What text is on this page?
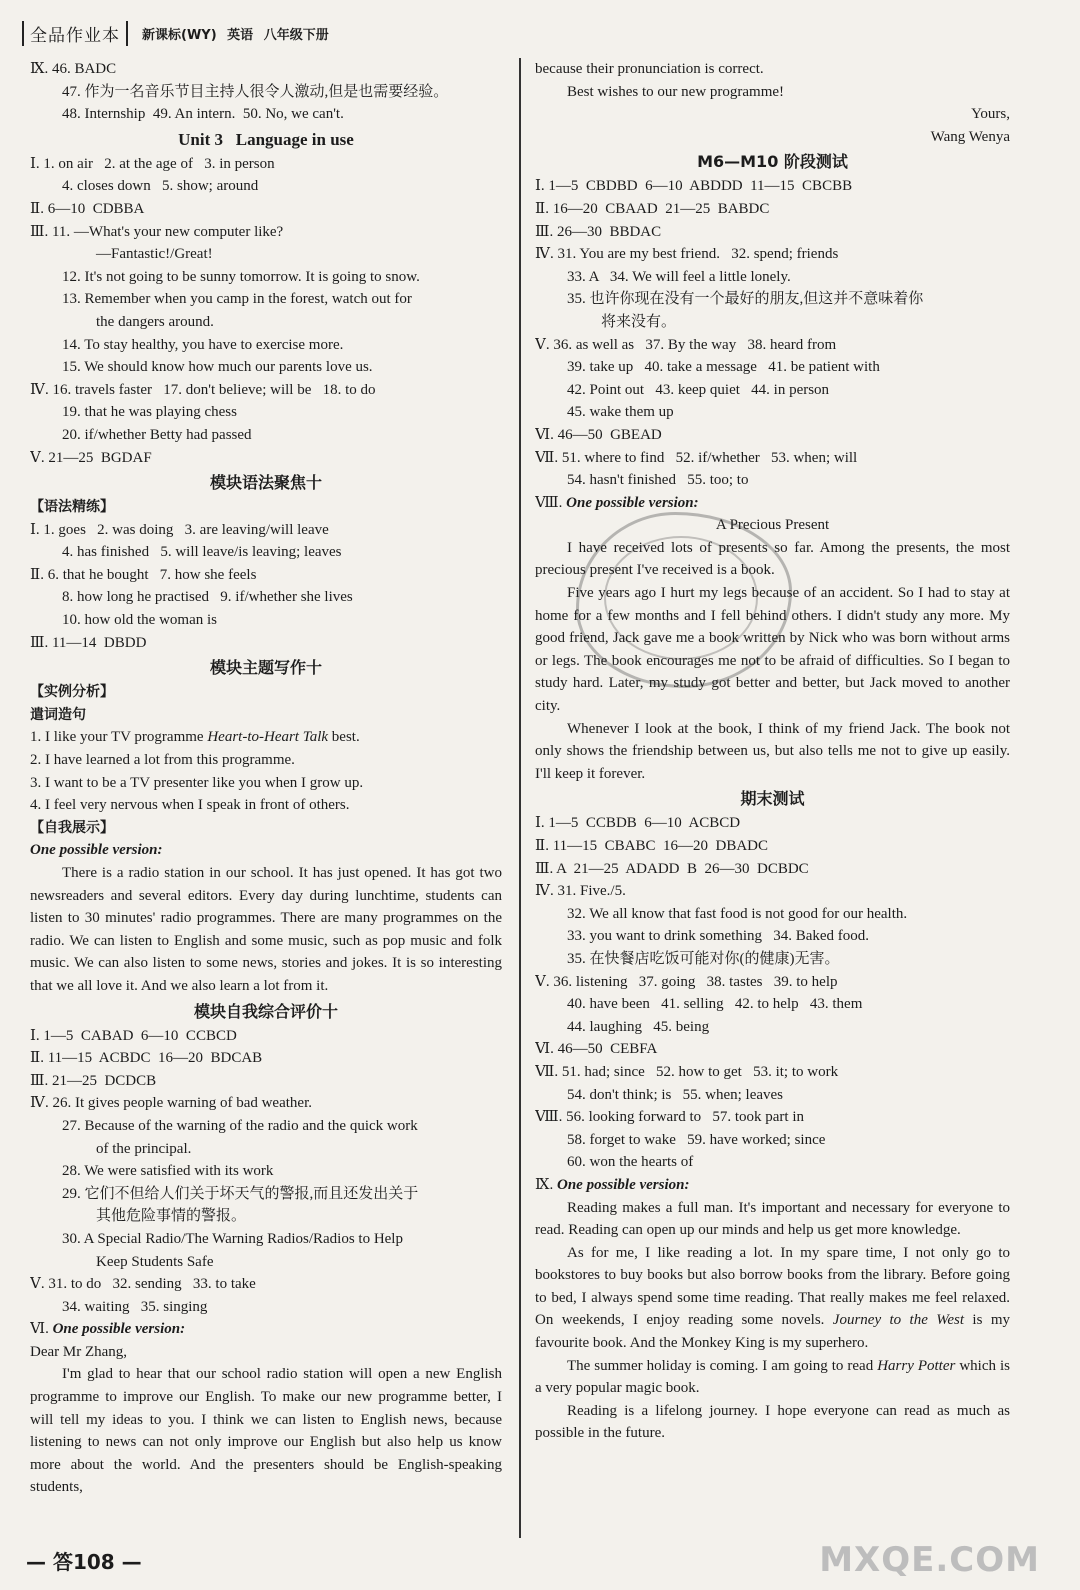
全品作业本	新课标(WY) 英语 八年级下册
Ⅸ. 46. BADC
47. 作为一名音乐节目主持人很令人激动,但是也需要经验。
48. Internship  49. An intern.  50. No, we can't.
Unit 3   Language in use
Ⅰ. 1. on air   2. at the age of   3. in person
4. closes down   5. show; around
Ⅱ. 6—10  CDBBA
Ⅲ. 11. —What's your new computer like?
—Fantastic!/Great!
12. It's not going to be sunny tomorrow. It is going to snow.
13. Remember when you camp in the forest, watch out for
the dangers around.
14. To stay healthy, you have to exercise more.
15. We should know how much our parents love us.
Ⅳ. 16. travels faster   17. don't believe; will be   18. to do
19. that he was playing chess
20. if/whether Betty had passed
Ⅴ. 21—25  BGDAF
模块语法聚焦十
【语法精练】
Ⅰ. 1. goes   2. was doing   3. are leaving/will leave
4. has finished   5. will leave/is leaving; leaves
Ⅱ. 6. that he bought   7. how she feels
8. how long he practised   9. if/whether she lives
10. how old the woman is
Ⅲ. 11—14  DBDD
模块主题写作十
【实例分析】
遣词造句
1. I like your TV programme Heart-to-Heart Talk best.
2. I have learned a lot from this programme.
3. I want to be a TV presenter like you when I grow up.
4. I feel very nervous when I speak in front of others.
【自我展示】
One possible version:

There is a radio station in our school. It has just opened. It has got two newsreaders and several editors. Every day during lunchtime, students can listen to 30 minutes' radio programmes. There are many programmes on the radio. We can listen to English and some music, such as pop music and folk music. We can also listen to some news, stories and jokes. It is so interesting that we all love it. And we also learn a lot from it.

模块自我综合评价十
Ⅰ. 1—5  CABAD  6—10  CCBCD
Ⅱ. 11—15  ACBDC  16—20  BDCAB
Ⅲ. 21—25  DCDCB
Ⅳ. 26. It gives people warning of bad weather.
27. Because of the warning of the radio and the quick work
of the principal.
28. We were satisfied with its work
29. 它们不但给人们关于坏天气的警报,而且还发出关于
其他危险事情的警报。
30. A Special Radio/The Warning Radios/Radios to Help
Keep Students Safe
Ⅴ. 31. to do   32. sending   33. to take
34. waiting   35. singing
Ⅵ. One possible version:
Dear Mr Zhang,

I'm glad to hear that our school radio station will open a new English programme to improve our English. To make our new programme better, I will tell my ideas to you. I think we can listen to English news, because listening to news can not only improve our English but also help us know more about the world. And the presenters should be English-speaking students,

because their pronunciation is correct.
Best wishes to our new programme!
Yours,
Wang Wenya
M6—M10 阶段测试
Ⅰ. 1—5  CBDBD  6—10  ABDDD  11—15  CBCBB
Ⅱ. 16—20  CBAAD  21—25  BABDC
Ⅲ. 26—30  BBDAC
Ⅳ. 31. You are my best friend.   32. spend; friends
33. A   34. We will feel a little lonely.
35. 也许你现在没有一个最好的朋友,但这并不意味着你
将来没有。
Ⅴ. 36. as well as   37. By the way   38. heard from
39. take up   40. take a message   41. be patient with
42. Point out   43. keep quiet   44. in person
45. wake them up
Ⅵ. 46—50  GBEAD
Ⅶ. 51. where to find   52. if/whether   53. when; will
54. hasn't finished   55. too; to
Ⅷ. One possible version:
A Precious Present

I have received lots of presents so far. Among the presents, the most precious present I've received is a book.

Five years ago I hurt my legs because of an accident. So I had to stay at home for a few months and I fell behind others. I didn't study any more. My good friend, Jack gave me a book written by Nick who was born without arms or legs. The book encourages me not to be afraid of difficulties. So I began to study hard. Later, my study got better and better, but Jack moved to another city.

Whenever I look at the book, I think of my friend Jack. The book not only shows the friendship between us, but also tells me not to give up easily. I'll keep it forever.

期末测试
Ⅰ. 1—5  CCBDB  6—10  ACBCD
Ⅱ. 11—15  CBABC  16—20  DBADC
Ⅲ. A  21—25  ADADD  B  26—30  DCBDC
Ⅳ. 31. Five./5.
32. We all know that fast food is not good for our health.
33. you want to drink something   34. Baked food.
35. 在快餐店吃饭可能对你(的健康)无害。
Ⅴ. 36. listening   37. going   38. tastes   39. to help
40. have been   41. selling   42. to help   43. them
44. laughing   45. being
Ⅵ. 46—50  CEBFA
Ⅶ. 51. had; since   52. how to get   53. it; to work
54. don't think; is   55. when; leaves
Ⅷ. 56. looking forward to   57. took part in
58. forget to wake   59. have worked; since
60. won the hearts of
Ⅸ. One possible version:

Reading makes a full man. It's important and necessary for everyone to read. Reading can open up our minds and help us get more knowledge.

As for me, I like reading a lot. In my spare time, I not only go to bookstores to buy books but also borrow books from the library. Before going to bed, I always spend some time reading. That really makes me feel relaxed. On weekends, I enjoy reading some novels. Journey to the West is my favourite book. And the Monkey King is my superhero.

The summer holiday is coming. I am going to read Harry Potter which is a very popular magic book.

Reading is a lifelong journey. I hope everyone can read as much as possible in the future.

— 答108 —	MXQE.COM
